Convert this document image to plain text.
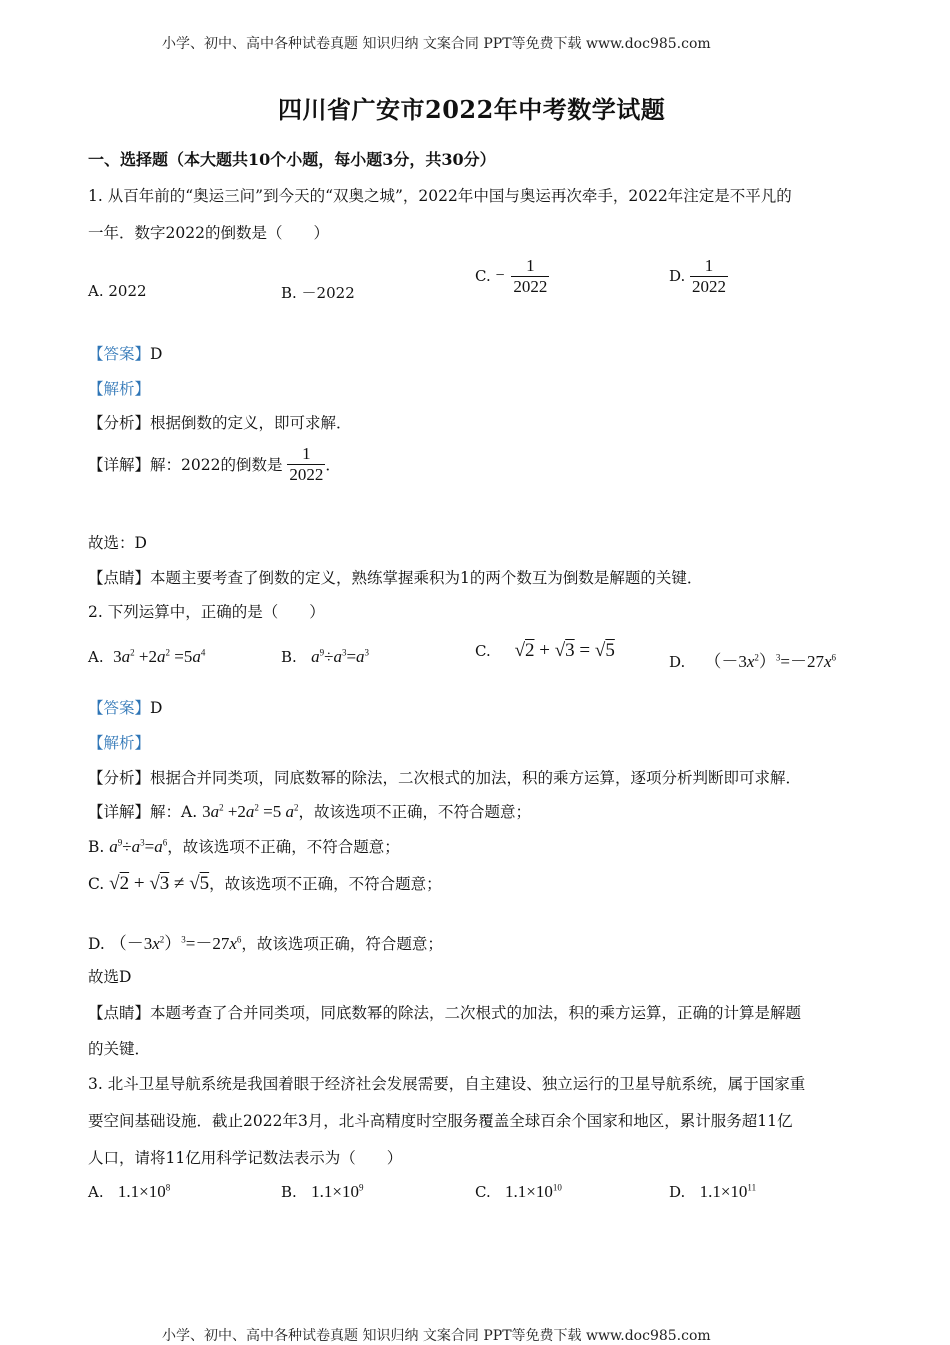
小学、初中、高中各种试卷真题 知识归纳 文案合同 PPT等免费下载 www.doc985.com
四川省广安市2022年中考数学试题
一、选择题（本大题共10个小题，每小题3分，共30分）
1. 从百年前的“奥运三问”到今天的“双奥之城”，2022年中国与奥运再次牵手，2022年注定是不平凡的
一年．数字2022的倒数是（　　）
A. 2022	B. －2022
C. − $\frac{1}{2022}$	D. $\frac{1}{2022}$
【答案】D
【解析】
【分析】根据倒数的定义，即可求解．
【详解】解：2022的倒数是 $\frac{1}{2022}$ ．
故选：D
【点睛】本题主要考查了倒数的定义，熟练掌握乘积为1的两个数互为倒数是解题的关键．
2. 下列运算中，正确的是（　　）
A.  $3a^2 +2a^2 =5a^4$	B.   $a^9\div a^3=a^3$	C.     √2 + √3 = √5
D.    $(-3x^2)^3=-27x^6$
【答案】D
【解析】
【分析】根据合并同类项，同底数幂的除法，二次根式的加法，积的乘方运算，逐项分析判断即可求解．
【详解】解：A. $3a^2 +2a^2 =5$ $a^2$，故该选项不正确，不符合题意；
B. $a^9\div a^3=a^6$，故该选项不正确，不符合题意；
C. √2 + √3 ≠ √5，故该选项不正确，不符合题意；
D. $(-3x^2)^3=-27x^6$，故该选项正确，符合题意；
故选D
【点睛】本题考查了合并同类项，同底数幂的除法，二次根式的加法，积的乘方运算，正确的计算是解题
的关键．
3. 北斗卫星导航系统是我国着眼于经济社会发展需要，自主建设、独立运行的卫星导航系统，属于国家重
要空间基础设施．截止2022年3月，北斗高精度时空服务覆盖全球百余个国家和地区，累计服务超11亿
人口，请将11亿用科学记数法表示为（　　）
A.   $1.1\times 10^8$	B.   $1.1\times 10^9$	C.   $1.1\times 10^{10}$	D.   $1.1\times 10^{11}$
小学、初中、高中各种试卷真题 知识归纳 文案合同 PPT等免费下载 www.doc985.com
